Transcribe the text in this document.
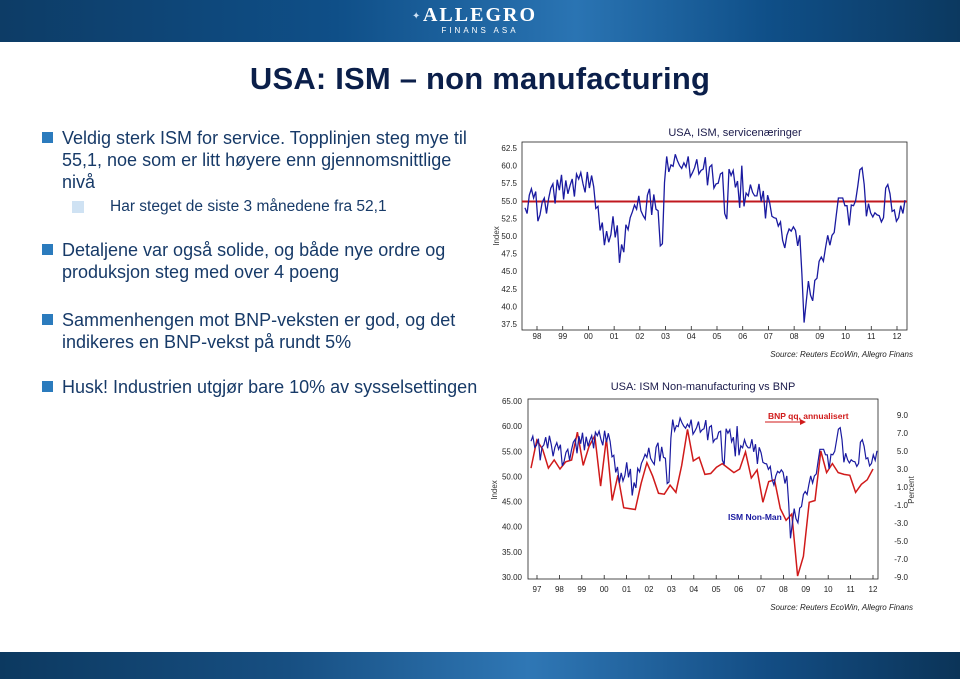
✦ ALLEGRO
FINANS ASA
USA: ISM – non manufacturing
Veldig sterk ISM for service. Topplinjen steg mye til 55,1, noe som er litt høyere enn gjennomsnittlige nivå
Har steget de siste 3 månedene fra 52,1
Detaljene var også solide, og både nye ordre og produksjon steg med over 4 poeng
Sammenhengen mot BNP-veksten er god, og det indikeres en BNP-vekst på rundt 5%
Husk! Industrien utgjør bare 10% av sysselsettingen
USA, ISM, servicenæringer
Index
62.5
60.0
57.5
55.0
52.5
50.0
47.5
45.0
42.5
40.0
37.5
98 99 00 01 02 03 04 05 06 07 08 09 10 11 12
Source: Reuters EcoWin, Allegro Finans
USA: ISM Non-manufacturing vs BNP
Index	Percent
65.00
60.00
55.00
50.00
45.00
40.00
35.00
30.00
9.0
7.0
5.0
3.0
1.0
-1.0
-3.0
-5.0
-7.0
-9.0
97 98 99 00 01 02 03 04 05 06 07 08 09 10 11 12
BNP qq, annualisert
ISM Non-Man
Source: Reuters EcoWin, Allegro Finans
